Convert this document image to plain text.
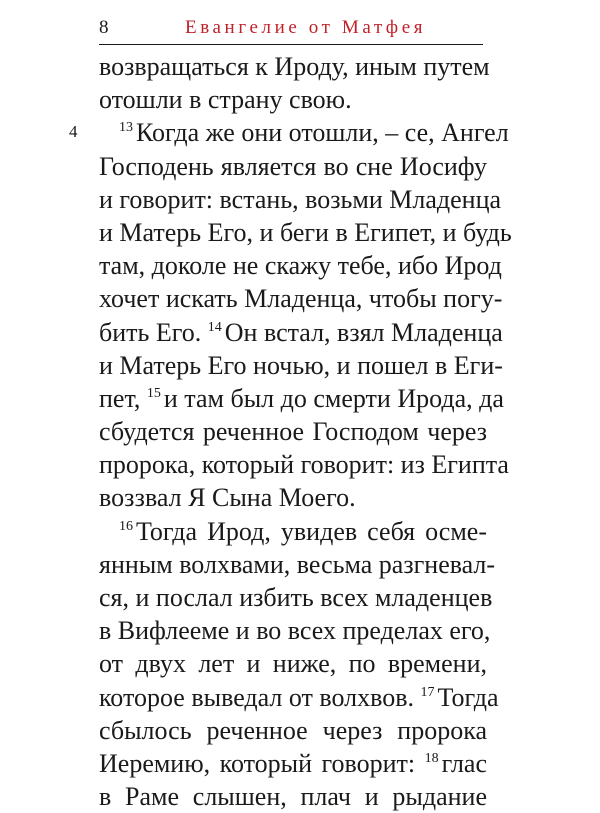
8	Евангелие от Матфея
4
возвращаться к Ироду, иным путем
отошли в страну свою.
$^{13}$ Когда же они отошли, – се, Ангел
Господень является во сне Иосифу
и говорит: встань, возьми Младенца
и Матерь Его, и беги в Египет, и будь
там, доколе не скажу тебе, ибо Ирод
хочет искать Младенца, чтобы погу-
бить Его. $^{14}$ Он встал, взял Младенца
и Матерь Его ночью, и пошел в Еги-
пет, $^{15}$ и там был до смерти Ирода, да
сбудется реченное Господом через
пророка, который говорит: из Египта
воззвал Я Сына Моего.
$^{16}$ Тогда Ирод, увидев себя осме-
янным волхвами, весьма разгневал-
ся, и послал избить всех младенцев
в Вифлееме и во всех пределах его,
от двух лет и ниже, по времени,
которое выведал от волхвов. $^{17}$ Тогда
сбылось реченное через пророка
Иеремию, который говорит: $^{18}$ глас
в Раме слышен, плач и рыдание
